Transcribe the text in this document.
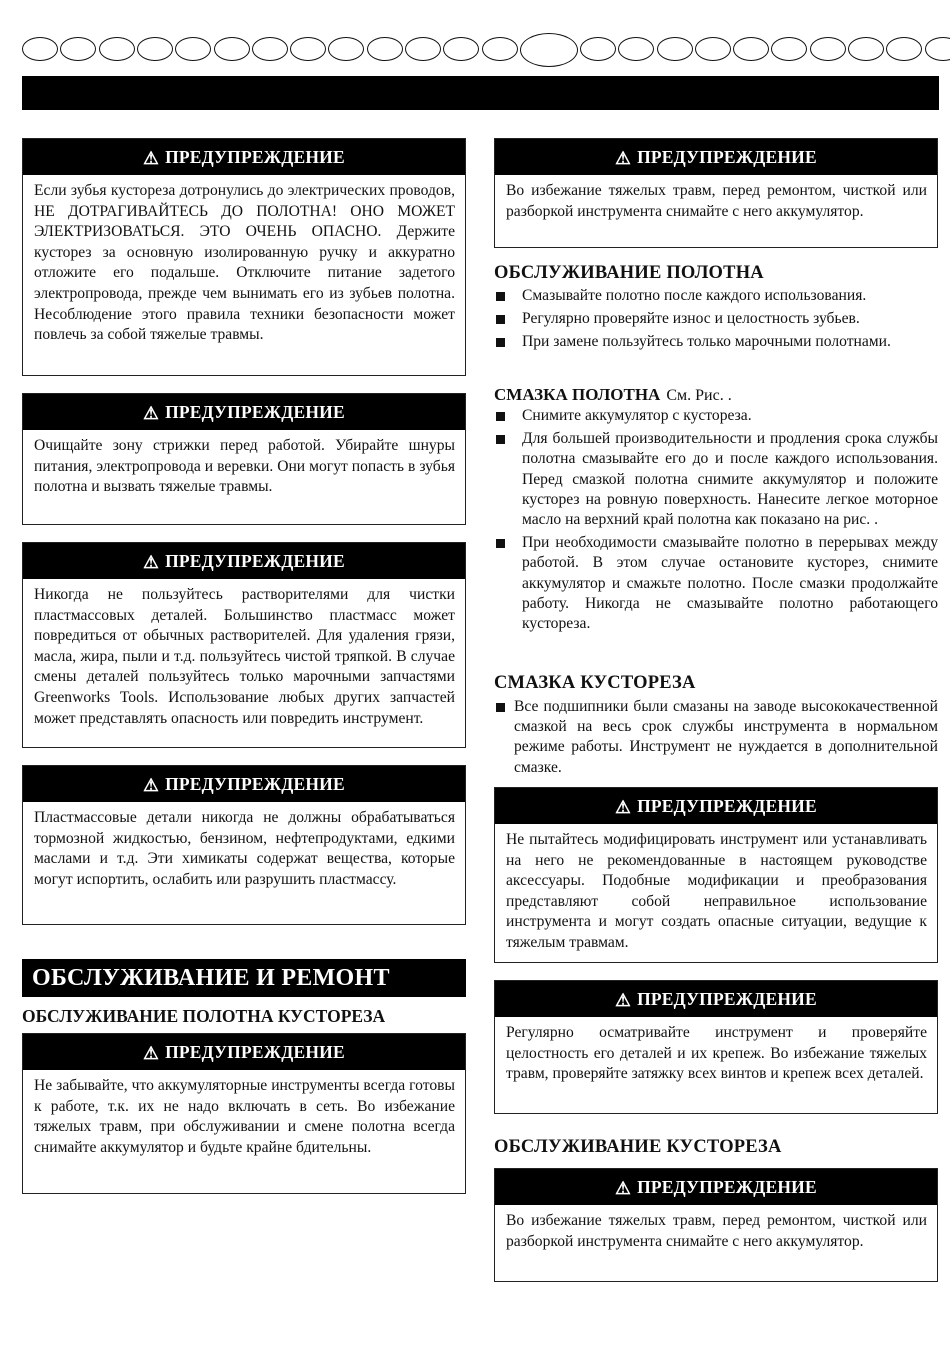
⚠ ПРЕДУПРЕЖДЕНИЕ
Если зубья кустореза дотронулись до электрических проводов, НЕ ДОТРАГИВАЙТЕСЬ ДО ПОЛОТНА! ОНО МОЖЕТ ЭЛЕКТРИЗОВАТЬСЯ. ЭТО ОЧЕНЬ ОПАСНО. Держите кусторез за основную изолированную ручку и аккуратно отложите его подальше. Отключите питание задетого электропровода, прежде чем вынимать его из зубьев полотна. Несоблюдение этого правила техники безопасности может повлечь за собой тяжелые травмы.
⚠ ПРЕДУПРЕЖДЕНИЕ
Очищайте зону стрижки перед работой. Убирайте шнуры питания, электропровода и веревки. Они могут попасть в зубья полотна и вызвать тяжелые травмы.
⚠ ПРЕДУПРЕЖДЕНИЕ
Никогда не пользуйтесь растворителями для чистки пластмассовых деталей. Большинство пластмасс может повредиться от обычных растворителей. Для удаления грязи, масла, жира, пыли и т.д. пользуйтесь чистой тряпкой. В случае смены деталей пользуйтесь только марочными запчастями Greenworks Tools. Использование любых других запчастей может представлять опасность или повредить инструмент.
⚠ ПРЕДУПРЕЖДЕНИЕ
Пластмассовые детали никогда не должны обрабатываться тормозной жидкостью, бензином, нефтепродуктами, едкими маслами и т.д. Эти химикаты содержат вещества, которые могут испортить, ослабить или разрушить пластмассу.
ОБСЛУЖИВАНИЕ И РЕМОНТ
ОБСЛУЖИВАНИЕ ПОЛОТНА КУСТОРЕЗА
⚠ ПРЕДУПРЕЖДЕНИЕ
Не забывайте, что аккумуляторные инструменты всегда готовы к работе, т.к. их не надо включать в сеть. Во избежание тяжелых травм, при обслуживании и смене полотна всегда снимайте аккумулятор и будьте крайне бдительны.
⚠ ПРЕДУПРЕЖДЕНИЕ
Во избежание тяжелых травм, перед ремонтом, чисткой или разборкой инструмента снимайте с него аккумулятор.
ОБСЛУЖИВАНИЕ ПОЛОТНА
Смазывайте полотно после каждого использования.
Регулярно проверяйте износ и целостность зубьев.
При замене пользуйтесь только марочными полотнами.
СМАЗКА ПОЛОТНА См. Рис. .
Снимите аккумулятор с кустореза.
Для большей производительности и продления срока службы полотна смазывайте его до и после каждого использования. Перед смазкой полотна снимите аккумулятор и положите кусторез на ровную поверхность. Нанесите легкое моторное масло на верхний край полотна как показано на рис. .
При необходимости смазывайте полотно в перерывах между работой. В этом случае остановите кусторез, снимите аккумулятор и смажьте полотно. После смазки продолжайте работу. Никогда не смазывайте полотно работающего кустореза.
СМАЗКА КУСТОРЕЗА
Все подшипники были смазаны на заводе высококачественной смазкой на весь срок службы инструмента в нормальном режиме работы. Инструмент не нуждается в дополнительной смазке.
⚠ ПРЕДУПРЕЖДЕНИЕ
Не пытайтесь модифицировать инструмент или устанавливать на него не рекомендованные в настоящем руководстве аксессуары. Подобные модификации и преобразования представляют собой неправильное использование инструмента и могут создать опасные ситуации, ведущие к тяжелым травмам.
⚠ ПРЕДУПРЕЖДЕНИЕ
Регулярно осматривайте инструмент и проверяйте целостность его деталей и их крепеж. Во избежание тяжелых травм, проверяйте затяжку всех винтов и крепеж всех деталей.
ОБСЛУЖИВАНИЕ КУСТОРЕЗА
⚠ ПРЕДУПРЕЖДЕНИЕ
Во избежание тяжелых травм, перед ремонтом, чисткой или разборкой инструмента снимайте с него аккумулятор.
